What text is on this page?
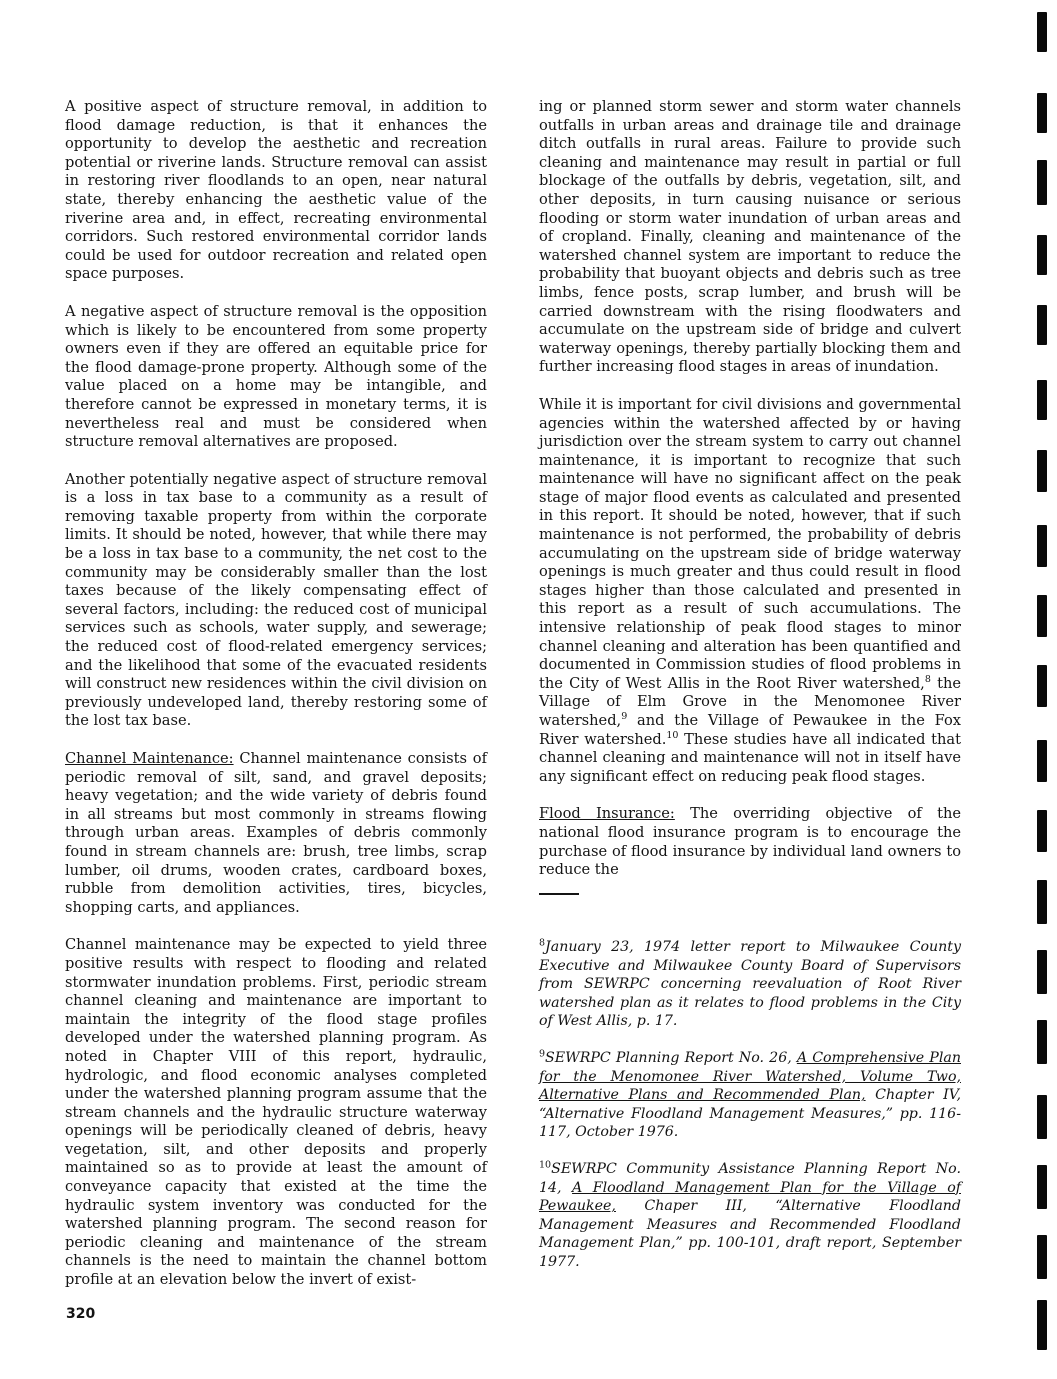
A positive aspect of structure removal, in addition to flood damage reduction, is that it enhances the opportunity to develop the aesthetic and recreation potential or riverine lands. Structure removal can assist in restoring river floodlands to an open, near natural state, thereby enhancing the aesthetic value of the riverine area and, in effect, recreating environmental corridors. Such restored environmental corridor lands could be used for outdoor recreation and related open space purposes.

A negative aspect of structure removal is the opposition which is likely to be encountered from some property owners even if they are offered an equitable price for the flood damage-prone property. Although some of the value placed on a home may be intangible, and therefore cannot be expressed in monetary terms, it is nevertheless real and must be considered when structure removal alternatives are proposed.

Another potentially negative aspect of structure removal is a loss in tax base to a community as a result of removing taxable property from within the corporate limits. It should be noted, however, that while there may be a loss in tax base to a community, the net cost to the community may be considerably smaller than the lost taxes because of the likely compensating effect of several factors, including: the reduced cost of municipal services such as schools, water supply, and sewerage; the reduced cost of flood-related emergency services; and the likelihood that some of the evacuated residents will construct new residences within the civil division on previously undeveloped land, thereby restoring some of the lost tax base.

Channel Maintenance: Channel maintenance consists of periodic removal of silt, sand, and gravel deposits; heavy vegetation; and the wide variety of debris found in all streams but most commonly in streams flowing through urban areas. Examples of debris commonly found in stream channels are: brush, tree limbs, scrap lumber, oil drums, wooden crates, cardboard boxes, rubble from demolition activities, tires, bicycles, shopping carts, and appliances.

Channel maintenance may be expected to yield three positive results with respect to flooding and related stormwater inundation problems. First, periodic stream channel cleaning and maintenance are important to maintain the integrity of the flood stage profiles developed under the watershed planning program. As noted in Chapter VIII of this report, hydraulic, hydrologic, and flood economic analyses completed under the watershed planning program assume that the stream channels and the hydraulic structure waterway openings will be periodically cleaned of debris, heavy vegetation, silt, and other deposits and properly maintained so as to provide at least the amount of conveyance capacity that existed at the time the hydraulic system inventory was conducted for the watershed planning program. The second reason for periodic cleaning and maintenance of the stream channels is the need to maintain the channel bottom profile at an elevation below the invert of exist-

ing or planned storm sewer and storm water channels outfalls in urban areas and drainage tile and drainage ditch outfalls in rural areas. Failure to provide such cleaning and maintenance may result in partial or full blockage of the outfalls by debris, vegetation, silt, and other deposits, in turn causing nuisance or serious flooding or storm water inundation of urban areas and of cropland. Finally, cleaning and maintenance of the watershed channel system are important to reduce the probability that buoyant objects and debris such as tree limbs, fence posts, scrap lumber, and brush will be carried downstream with the rising floodwaters and accumulate on the upstream side of bridge and culvert waterway openings, thereby partially blocking them and further increasing flood stages in areas of inundation.

While it is important for civil divisions and governmental agencies within the watershed affected by or having jurisdiction over the stream system to carry out channel maintenance, it is important to recognize that such maintenance will have no significant affect on the peak stage of major flood events as calculated and presented in this report. It should be noted, however, that if such maintenance is not performed, the probability of debris accumulating on the upstream side of bridge waterway openings is much greater and thus could result in flood stages higher than those calculated and presented in this report as a result of such accumulations. The intensive relationship of peak flood stages to minor channel cleaning and alteration has been quantified and documented in Commission studies of flood problems in the City of West Allis in the Root River watershed,$^8$ the Village of Elm Grove in the Menomonee River watershed,$^9$ and the Village of Pewaukee in the Fox River watershed.$^{10}$ These studies have all indicated that channel cleaning and maintenance will not in itself have any significant effect on reducing peak flood stages.

Flood Insurance: The overriding objective of the national flood insurance program is to encourage the purchase of flood insurance by individual land owners to reduce the

$^8$January 23, 1974 letter report to Milwaukee County Executive and Milwaukee County Board of Supervisors from SEWRPC concerning reevaluation of Root River watershed plan as it relates to flood problems in the City of West Allis, p. 17.

$^9$SEWRPC Planning Report No. 26, A Comprehensive Plan for the Menomonee River Watershed, Volume Two, Alternative Plans and Recommended Plan, Chapter IV, “Alternative Floodland Management Measures,” pp. 116-117, October 1976.

$^{10}$SEWRPC Community Assistance Planning Report No. 14, A Floodland Management Plan for the Village of Pewaukee, Chaper III, “Alternative Floodland Management Measures and Recommended Floodland Management Plan,” pp. 100-101, draft report, September 1977.

320
